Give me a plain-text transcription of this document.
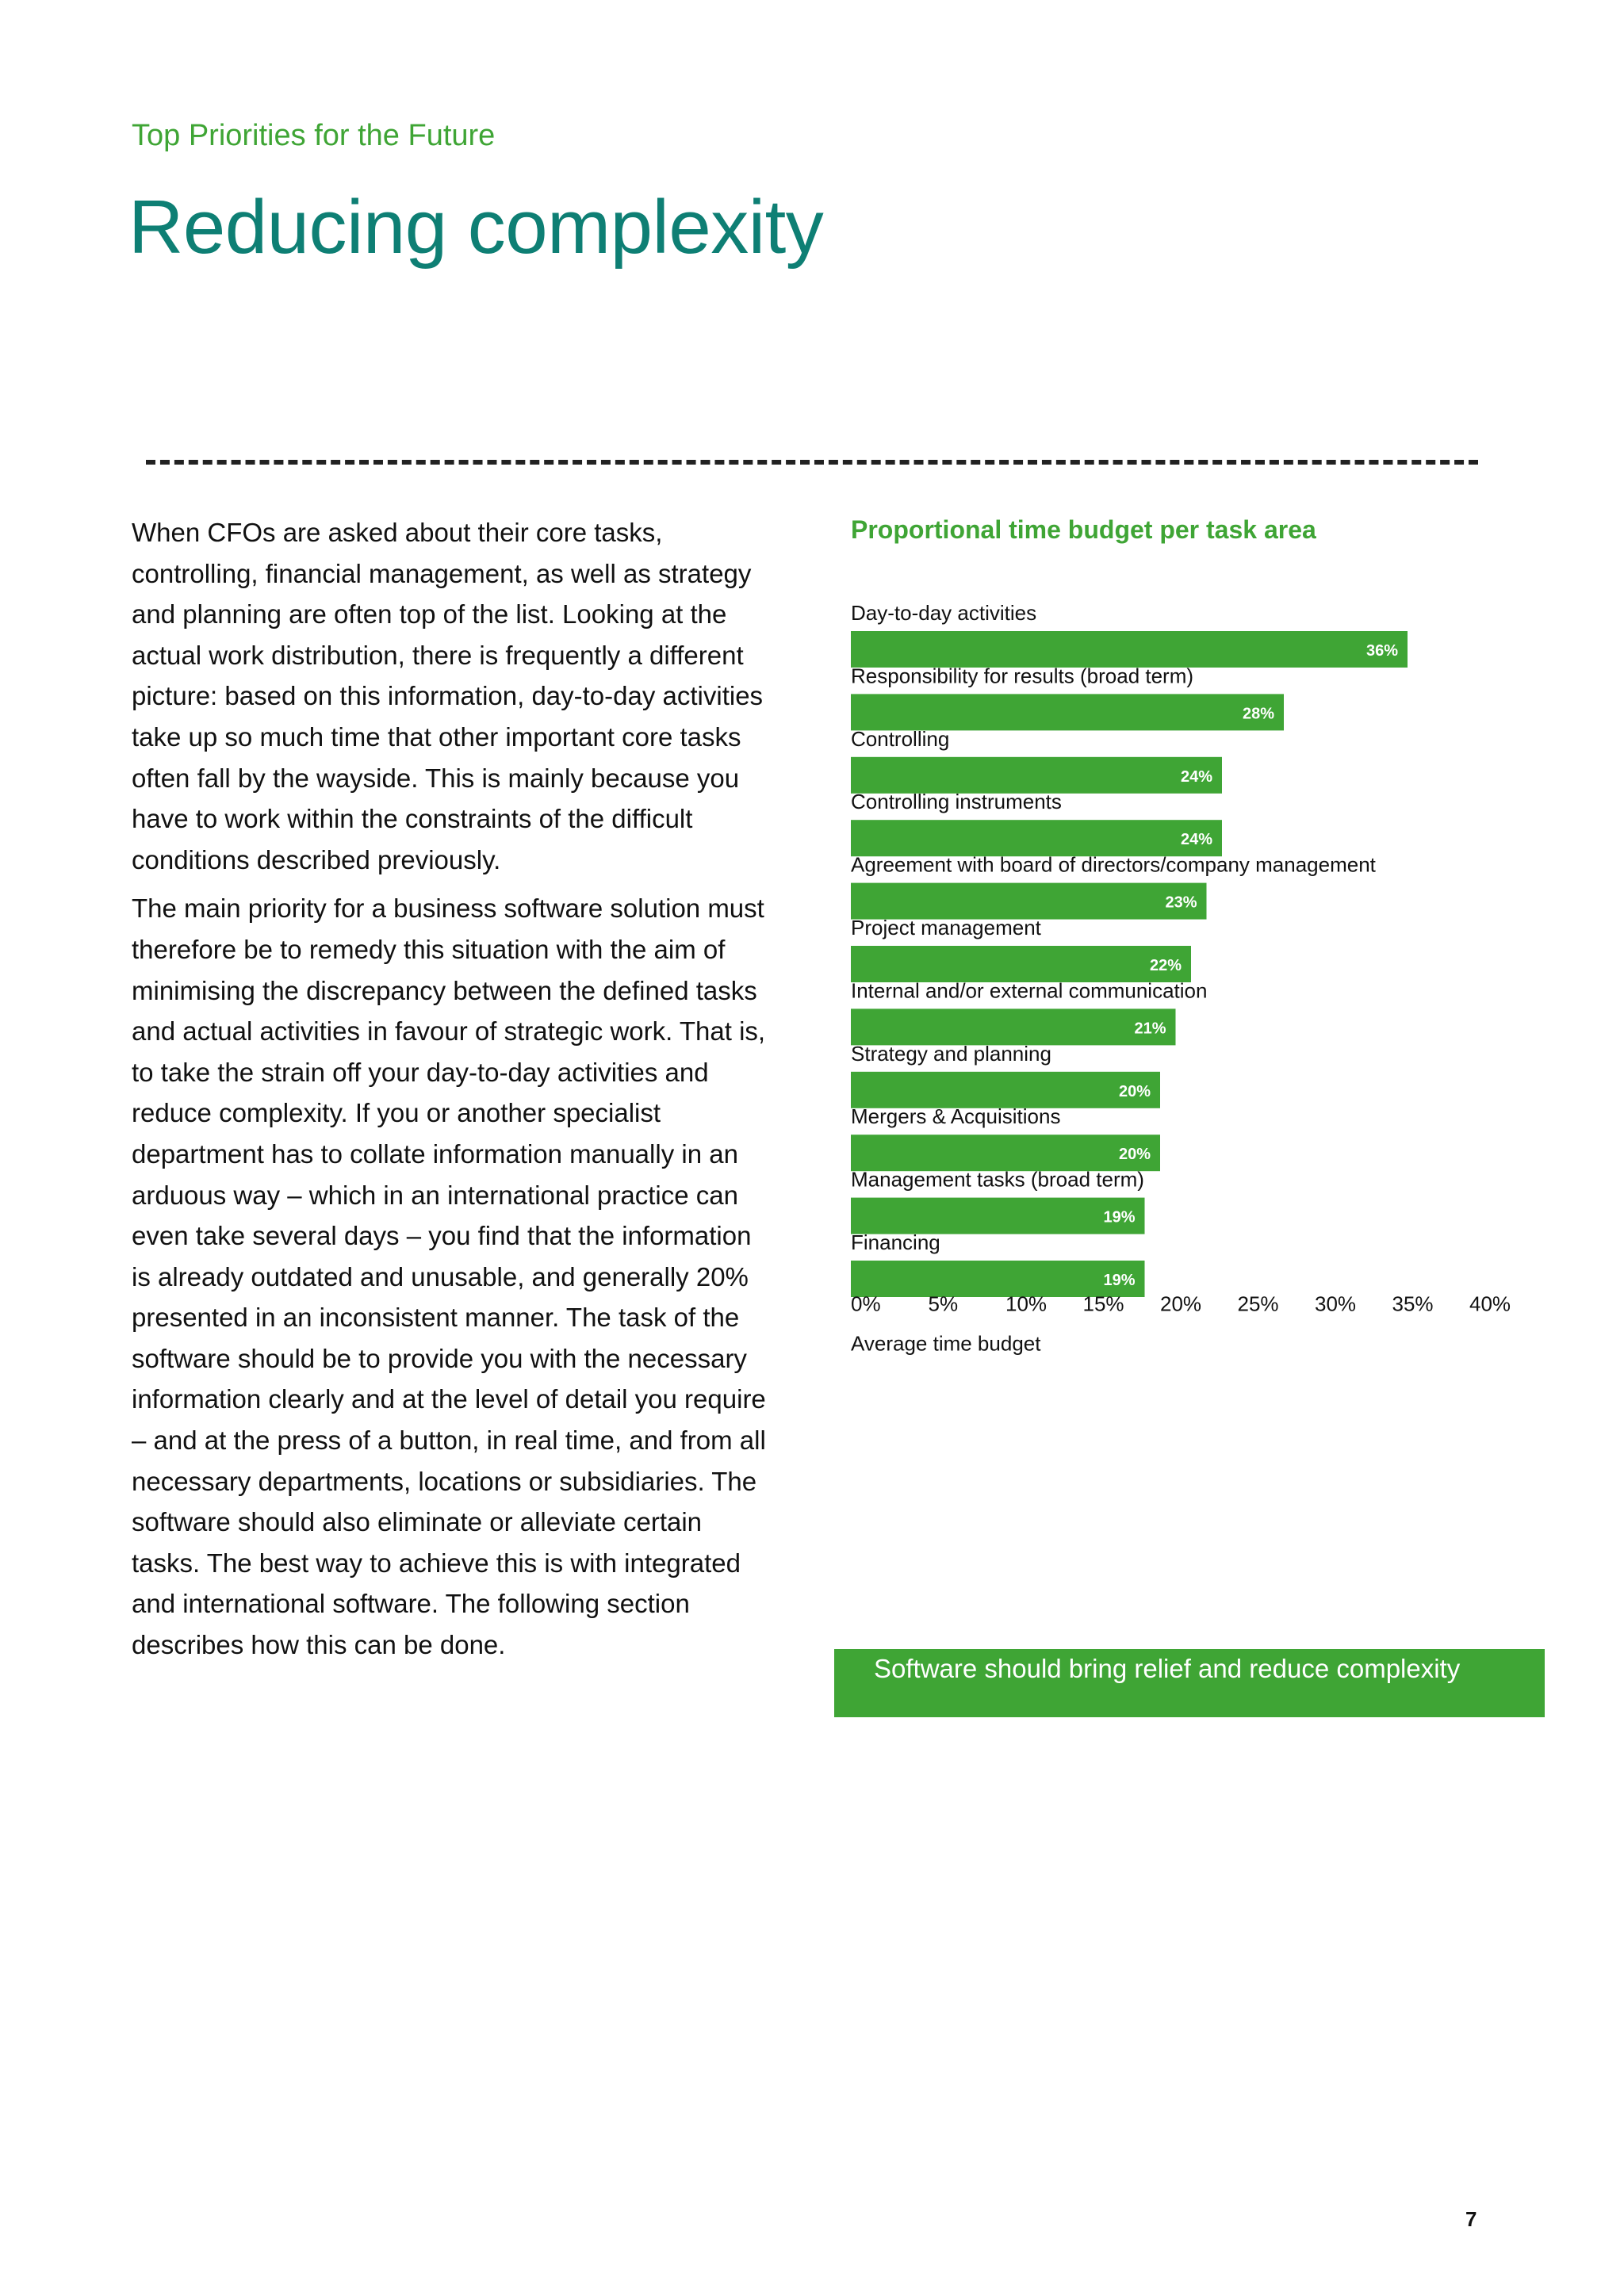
Top Priorities for the Future
Reducing complexity

When CFOs are asked about their core tasks, controlling, financial management, as well as strategy and planning are often top of the list. Looking at the actual work distribution, there is frequently a different picture: based on this information, day-to-day activities take up so much time that other important core tasks often fall by the wayside. This is mainly because you have to work within the constraints of the difficult conditions described previously.

The main priority for a business software solution must therefore be to remedy this situation with the aim of minimising the discrepancy between the defined tasks and actual activities in favour of strategic work. That is, to take the strain off your day-to-day activities and reduce complexity. If you or another specialist department has to collate information manually in an arduous way – which in an international practice can even take several days – you find that the information is already outdated and unusable, and generally 20% presented in an inconsistent manner. The task of the software should be to provide you with the necessary information clearly and at the level of detail you require – and at the press of a button, in real time, and from all necessary departments, locations or subsidiaries. The software should also eliminate or alleviate certain tasks. The best way to achieve this is with integrated and international software. The following section describes how this can be done.

Proportional time budget per task area
Day-to-day activities
36%
Responsibility for results (broad term)
28%
Controlling
24%
Controlling instruments
24%
Agreement with board of directors/company management
23%
Project management
22%
Internal and/or external communication
21%
Strategy and planning
20%
Mergers & Acquisitions
20%
Management tasks (broad term)
19%
Financing
19%
0% 5% 10% 15% 20% 25% 30% 35% 40%
Average time budget
Software should bring relief and reduce complexity
7
